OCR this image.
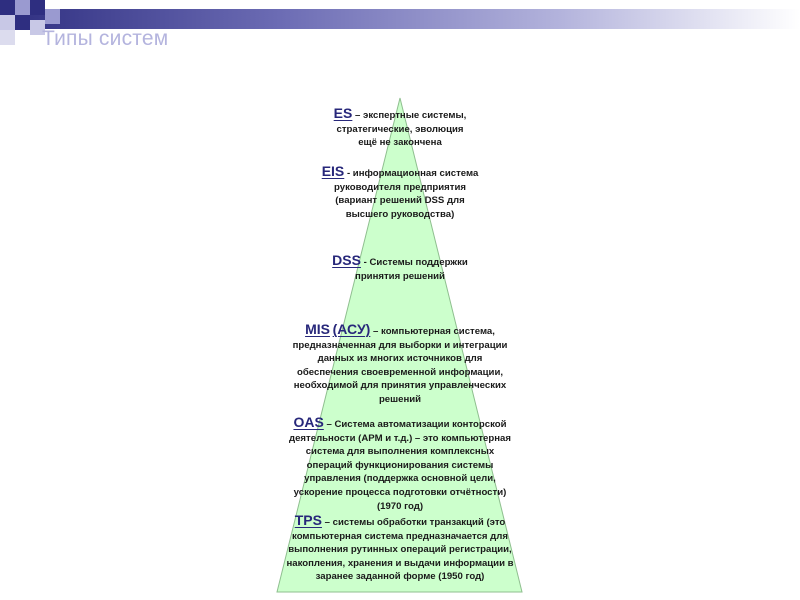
Типы систем
ES – экспертные системы,
стратегические, эволюция
ещё не закончена
EIS - информационная система
руководителя предприятия
(вариант решений DSS для
высшего руководства)
DSS - Системы поддержки
принятия решений
MIS (АСУ) – компьютерная система,
предназначенная для выборки и интеграции
данных из многих источников для
обеспечения своевременной информации,
необходимой для принятия управленческих
решений
OAS – Система автоматизации конторской
деятельности (АРМ и т.д.) – это компьютерная
система для выполнения комплексных
операций функционирования системы
управления (поддержка основной цели,
ускорение процесса подготовки отчётности)
(1970 год)
TPS – системы обработки транзакций (это
компьютерная система предназначается для
выполнения рутинных операций регистрации,
накопления, хранения и выдачи информации в
заранее заданной форме (1950 год)
